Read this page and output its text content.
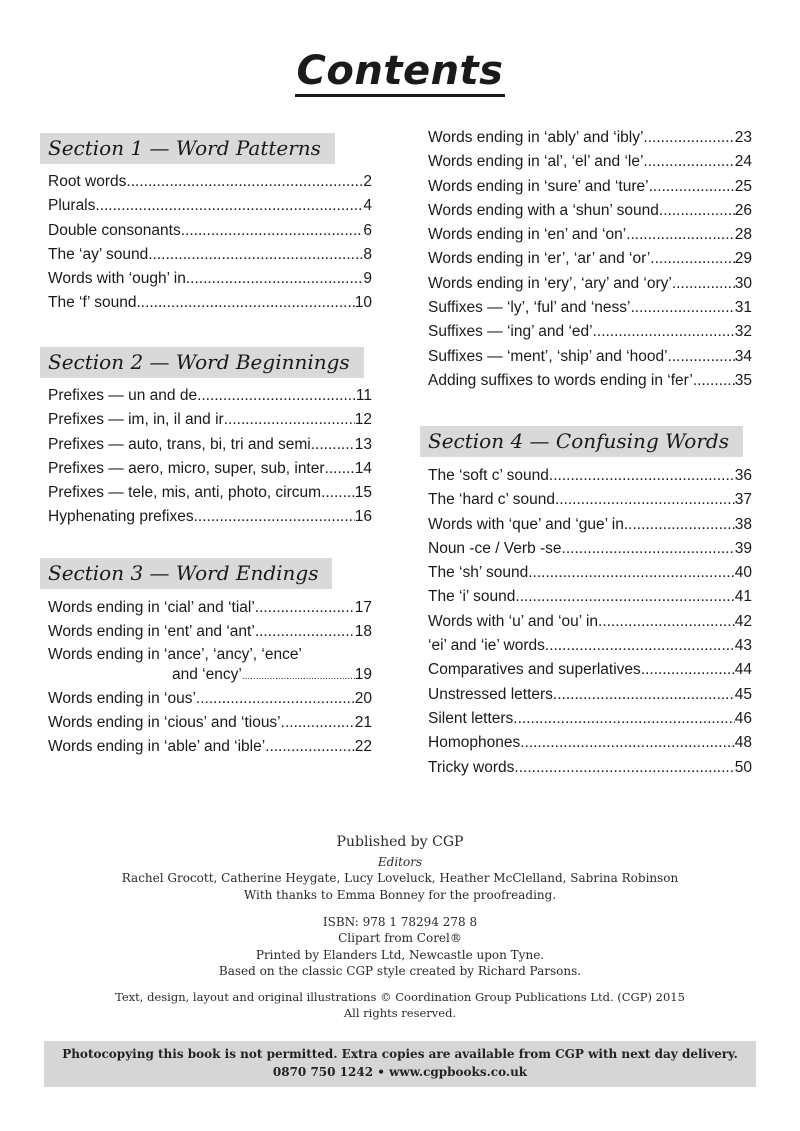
Contents
Section 1 — Word Patterns
Root words .....	2
Plurals .....	4
Double consonants .....	6
The ‘ay’ sound .....	8
Words with ‘ough’ in .....	9
The ‘f’ sound .....	10
Section 2 — Word Beginnings
Prefixes — un and de .....	11
Prefixes — im, in, il and ir .....	12
Prefixes — auto, trans, bi, tri and semi .....	13
Prefixes — aero, micro, super, sub, inter ..... 14
Prefixes — tele, mis, anti, photo, circum ..... 15
Hyphenating prefixes .....	16
Section 3 — Word Endings
Words ending in ‘cial’ and ‘tial’ .....	17
Words ending in ‘ent’ and ‘ant’ .....	18
Words ending in ‘ance’, ‘ancy’, ‘ence’
and ‘ency’ .....	19
Words ending in ‘ous’ .....	20
Words ending in ‘cious’ and ‘tious’ .....	21
Words ending in ‘able’ and ‘ible’ .....	22
Words ending in ‘ably’ and ‘ibly’ .....	23
Words ending in ‘al’, ‘el’ and ‘le’ .....	24
Words ending in ‘sure’ and ‘ture’ .....	25
Words ending with a ‘shun’ sound .....	26
Words ending in ‘en’ and ‘on’ .....	28
Words ending in ‘er’, ‘ar’ and ‘or’ .....	29
Words ending in ‘ery’, ‘ary’ and ‘ory’ .....	30
Suffixes — ‘ly’, ‘ful’ and ‘ness’ .....	31
Suffixes — ‘ing’ and ‘ed’ .....	32
Suffixes — ‘ment’, ‘ship’ and ‘hood’ .....	34
Adding suffixes to words ending in ‘fer’ .....	35
Section 4 — Confusing Words
The ‘soft c’ sound .....	36
The ‘hard c’ sound .....	37
Words with ‘que’ and ‘gue’ in .....	38
Noun -ce / Verb -se .....	39
The ‘sh’ sound .....	40
The ‘i’ sound .....	41
Words with ‘u’ and ‘ou’ in .....	42
‘ei’ and ‘ie’ words .....	43
Comparatives and superlatives .....	44
Unstressed letters .....	45
Silent letters .....	46
Homophones .....	48
Tricky words .....	50
Published by CGP
Editors
Rachel Grocott, Catherine Heygate, Lucy Loveluck, Heather McClelland, Sabrina Robinson
With thanks to Emma Bonney for the proofreading.
ISBN: 978 1 78294 278 8
Clipart from Corel®
Printed by Elanders Ltd, Newcastle upon Tyne.
Based on the classic CGP style created by Richard Parsons.
Text, design, layout and original illustrations © Coordination Group Publications Ltd. (CGP) 2015
All rights reserved.
Photocopying this book is not permitted. Extra copies are available from CGP with next day delivery.
0870 750 1242 • www.cgpbooks.co.uk
